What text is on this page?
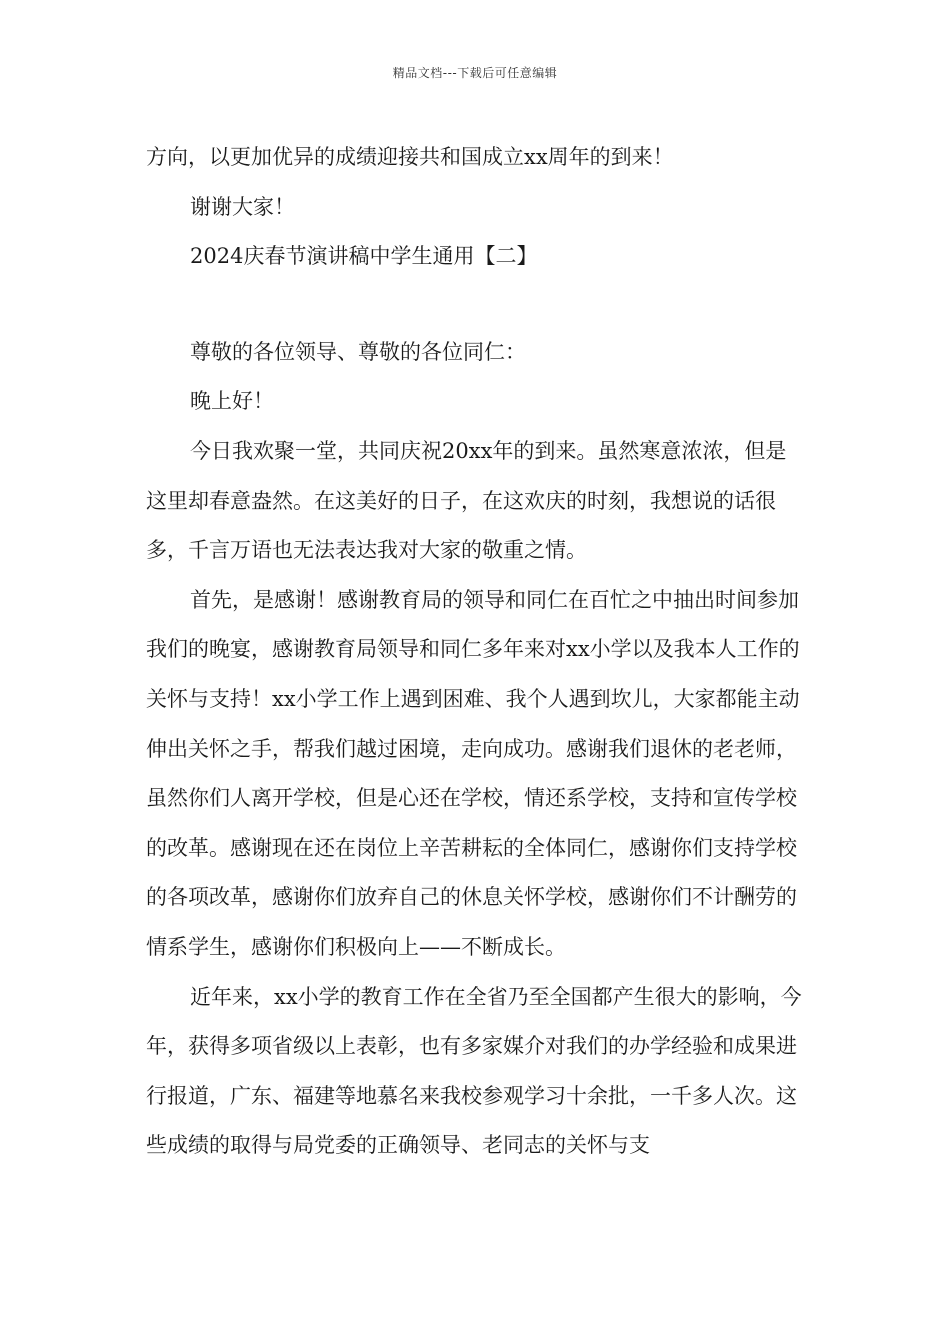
精品文档---下载后可任意编辑

方向，以更加优异的成绩迎接共和国成立xx周年的到来！

谢谢大家！

2024庆春节演讲稿中学生通用【二】

尊敬的各位领导、尊敬的各位同仁：

晚上好！

今日我欢聚一堂，共同庆祝20xx年的到来。虽然寒意浓浓，但是这里却春意盎然。在这美好的日子，在这欢庆的时刻，我想说的话很多，千言万语也无法表达我对大家的敬重之情。

首先，是感谢！感谢教育局的领导和同仁在百忙之中抽出时间参加我们的晚宴，感谢教育局领导和同仁多年来对xx小学以及我本人工作的关怀与支持！xx小学工作上遇到困难、我个人遇到坎儿，大家都能主动伸出关怀之手，帮我们越过困境，走向成功。感谢我们退休的老老师，虽然你们人离开学校，但是心还在学校，情还系学校，支持和宣传学校的改革。感谢现在还在岗位上辛苦耕耘的全体同仁，感谢你们支持学校的各项改革，感谢你们放弃自己的休息关怀学校，感谢你们不计酬劳的情系学生，感谢你们积极向上——不断成长。

近年来，xx小学的教育工作在全省乃至全国都产生很大的影响，今年，获得多项省级以上表彰，也有多家媒介对我们的办学经验和成果进行报道，广东、福建等地慕名来我校参观学习十余批，一千多人次。这些成绩的取得与局党委的正确领导、老同志的关怀与支
